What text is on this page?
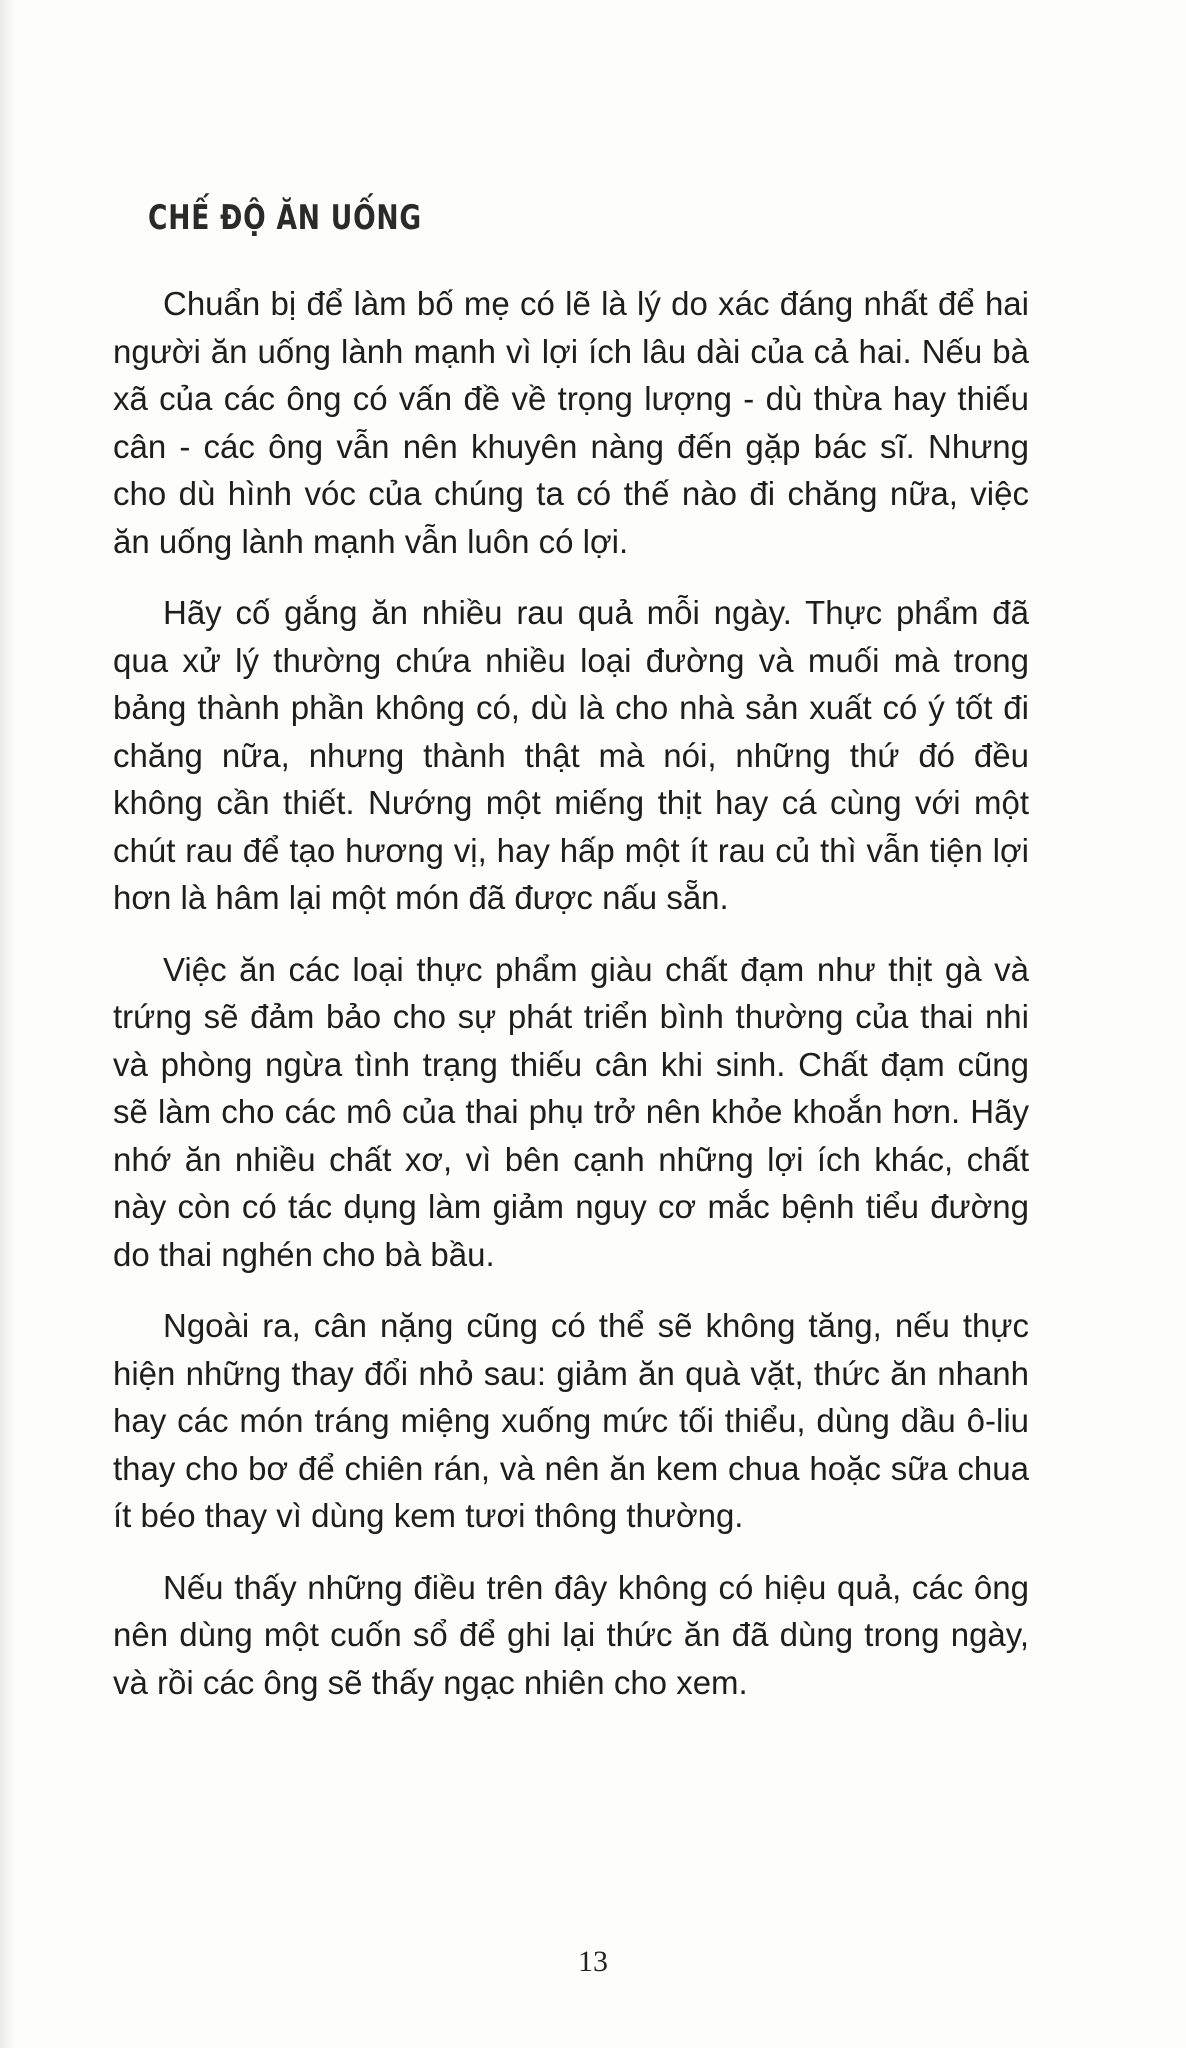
CHẾ ĐỘ ĂN UỐNG

Chuẩn bị để làm bố mẹ có lẽ là lý do xác đáng nhất để hai người ăn uống lành mạnh vì lợi ích lâu dài của cả hai. Nếu bà xã của các ông có vấn đề về trọng lượng - dù thừa hay thiếu cân - các ông vẫn nên khuyên nàng đến gặp bác sĩ. Nhưng cho dù hình vóc của chúng ta có thế nào đi chăng nữa, việc ăn uống lành mạnh vẫn luôn có lợi.

Hãy cố gắng ăn nhiều rau quả mỗi ngày. Thực phẩm đã qua xử lý thường chứa nhiều loại đường và muối mà trong bảng thành phần không có, dù là cho nhà sản xuất có ý tốt đi chăng nữa, nhưng thành thật mà nói, những thứ đó đều không cần thiết. Nướng một miếng thịt hay cá cùng với một chút rau để tạo hương vị, hay hấp một ít rau củ thì vẫn tiện lợi hơn là hâm lại một món đã được nấu sẵn.

Việc ăn các loại thực phẩm giàu chất đạm như thịt gà và trứng sẽ đảm bảo cho sự phát triển bình thường của thai nhi và phòng ngừa tình trạng thiếu cân khi sinh. Chất đạm cũng sẽ làm cho các mô của thai phụ trở nên khỏe khoắn hơn. Hãy nhớ ăn nhiều chất xơ, vì bên cạnh những lợi ích khác, chất này còn có tác dụng làm giảm nguy cơ mắc bệnh tiểu đường do thai nghén cho bà bầu.

Ngoài ra, cân nặng cũng có thể sẽ không tăng, nếu thực hiện những thay đổi nhỏ sau: giảm ăn quà vặt, thức ăn nhanh hay các món tráng miệng xuống mức tối thiểu, dùng dầu ô-liu thay cho bơ để chiên rán, và nên ăn kem chua hoặc sữa chua ít béo thay vì dùng kem tươi thông thường.

Nếu thấy những điều trên đây không có hiệu quả, các ông nên dùng một cuốn sổ để ghi lại thức ăn đã dùng trong ngày, và rồi các ông sẽ thấy ngạc nhiên cho xem.

13
